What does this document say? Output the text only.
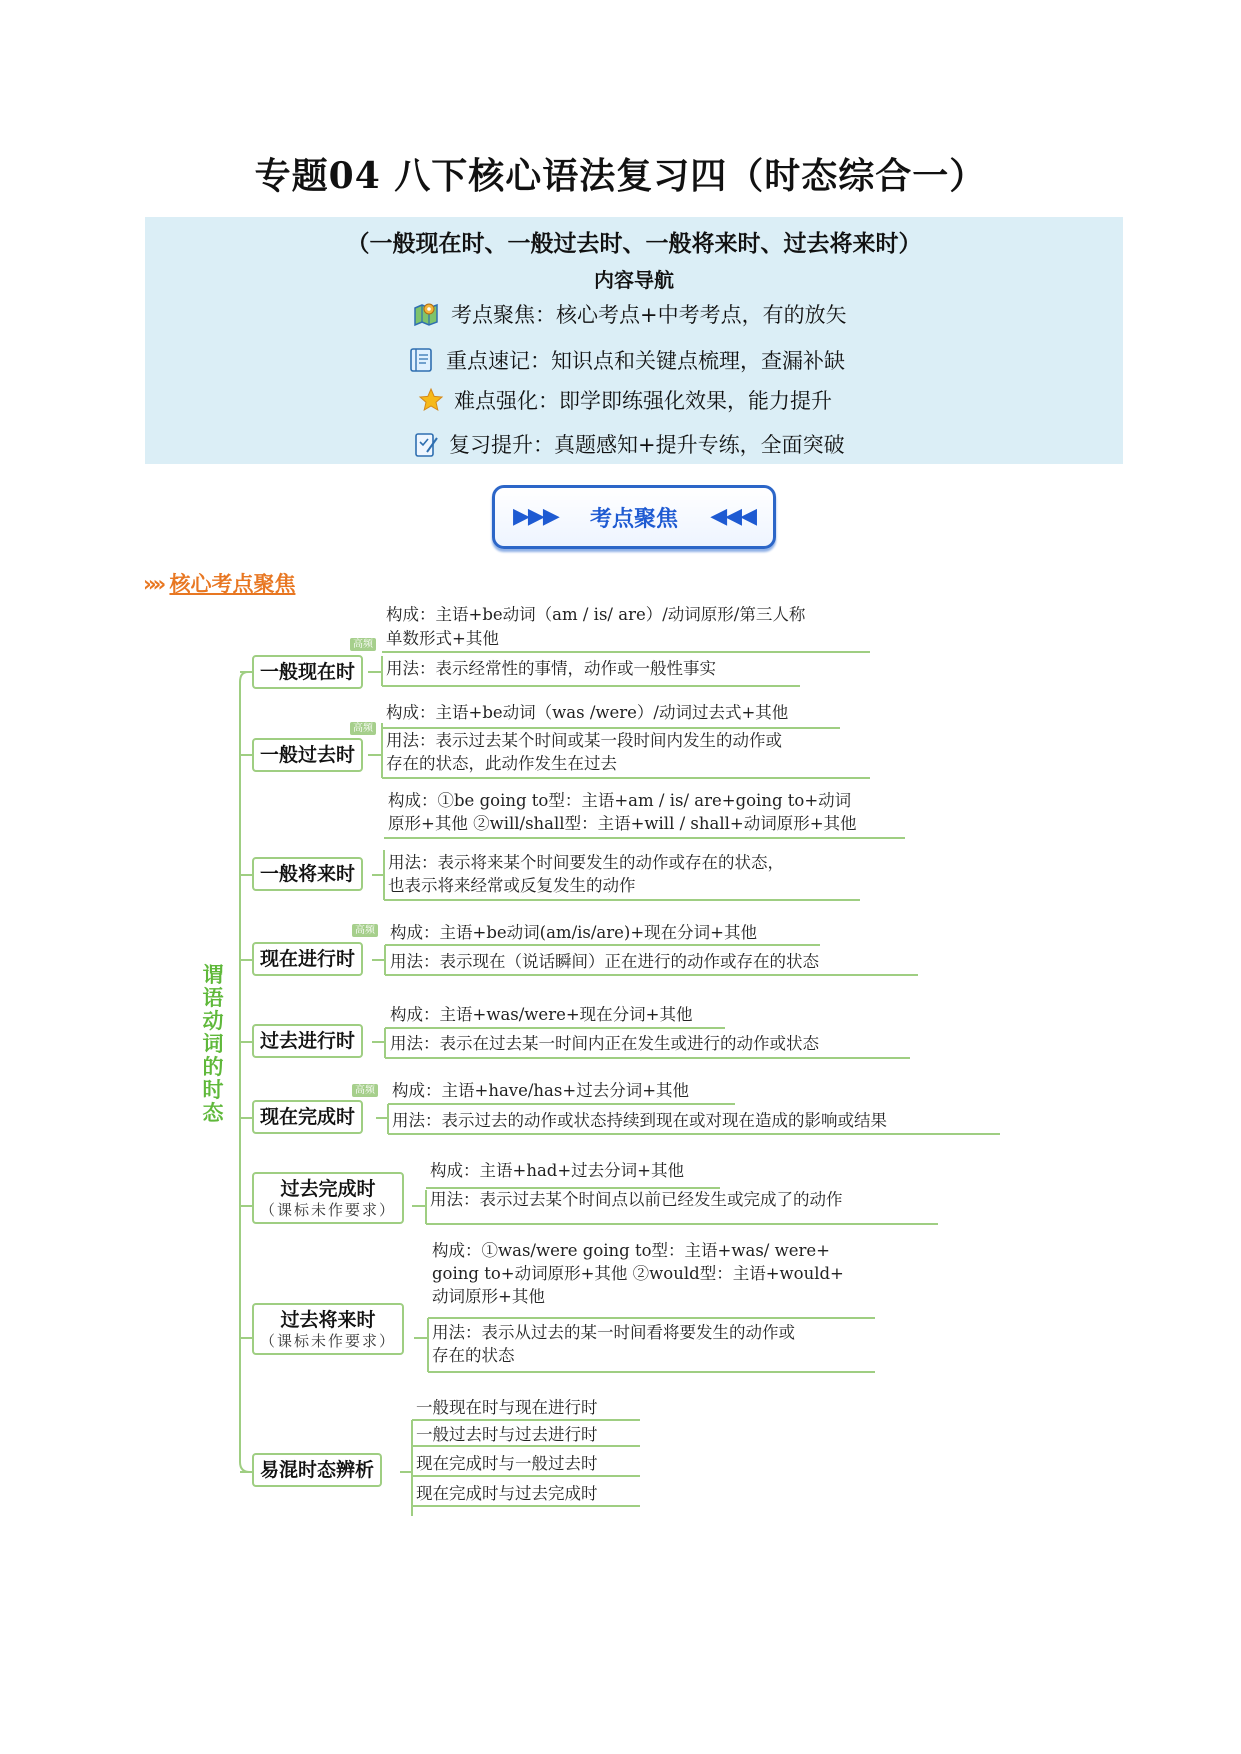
专题04 八下核心语法复习四（时态综合一）
（一般现在时、一般过去时、一般将来时、过去将来时）
内容导航
考点聚焦：核心考点+中考考点，有的放矢
重点速记：知识点和关键点梳理，查漏补缺
难点强化：即学即练强化效果，能力提升
复习提升：真题感知+提升专练，全面突破
▶▶▶	考点聚焦	◀◀◀
»» 核心考点聚焦
谓
语
动
词
的
时
态
高频
一般现在时
构成：主语+be动词（am / is/ are）/动词原形/第三人称
单数形式+其他
用法：表示经常性的事情，动作或一般性事实
高频
一般过去时
构成：主语+be动词（was /were）/动词过去式+其他
用法：表示过去某个时间或某一段时间内发生的动作或
存在的状态，此动作发生在过去
一般将来时
构成：①be going to型：主语+am / is/ are+going to+动词
原形+其他 ②will/shall型：主语+will / shall+动词原形+其他
用法：表示将来某个时间要发生的动作或存在的状态，
也表示将来经常或反复发生的动作
高频
现在进行时
构成：主语+be动词(am/is/are)+现在分词+其他
用法：表示现在（说话瞬间）正在进行的动作或存在的状态
过去进行时
构成：主语+was/were+现在分词+其他
用法：表示在过去某一时间内正在发生或进行的动作或状态
高频
现在完成时
构成：主语+have/has+过去分词+其他
用法：表示过去的动作或状态持续到现在或对现在造成的影响或结果
过去完成时
（课标未作要求）
构成：主语+had+过去分词+其他
用法：表示过去某个时间点以前已经发生或完成了的动作
过去将来时
（课标未作要求）
构成：①was/were going to型：主语+was/ were+
going to+动词原形+其他 ②would型：主语+would+
动词原形+其他
用法：表示从过去的某一时间看将要发生的动作或
存在的状态
易混时态辨析
一般现在时与现在进行时
一般过去时与过去进行时
现在完成时与一般过去时
现在完成时与过去完成时
